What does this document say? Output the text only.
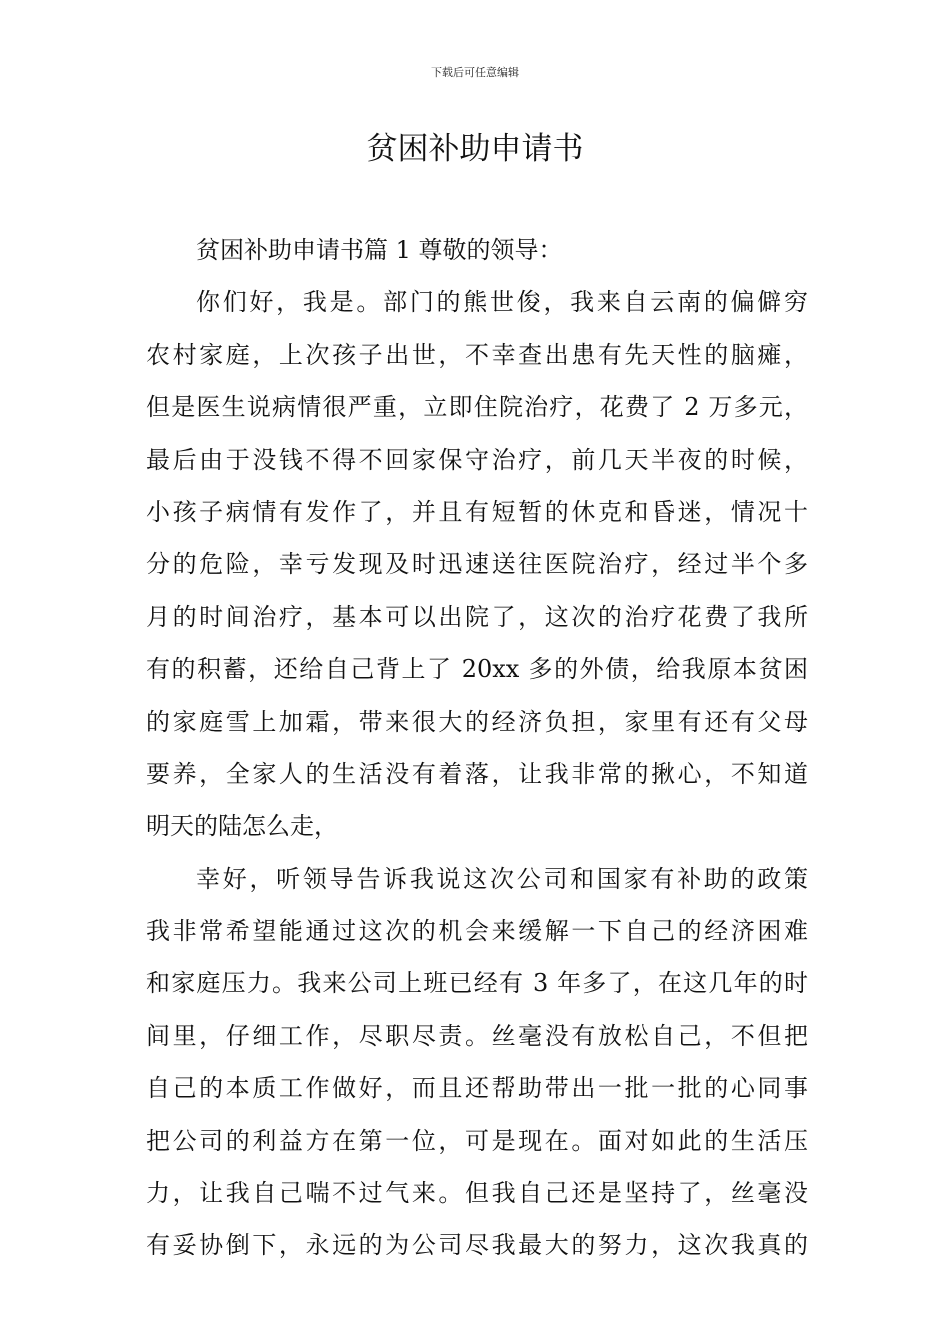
下载后可任意编辑
贫困补助申请书
贫困补助申请书篇 1 尊敬的领导：
你们好，我是。部门的熊世俊，我来自云南的偏僻穷
农村家庭，上次孩子出世，不幸查出患有先天性的脑瘫，
但是医生说病情很严重，立即住院治疗，花费了 2 万多元，
最后由于没钱不得不回家保守治疗，前几天半夜的时候，
小孩子病情有发作了，并且有短暂的休克和昏迷，情况十
分的危险，幸亏发现及时迅速送往医院治疗，经过半个多
月的时间治疗，基本可以出院了，这次的治疗花费了我所
有的积蓄，还给自己背上了 20xx 多的外债，给我原本贫困
的家庭雪上加霜，带来很大的经济负担，家里有还有父母
要养，全家人的生活没有着落，让我非常的揪心，不知道
明天的陆怎么走，
幸好，听领导告诉我说这次公司和国家有补助的政策
我非常希望能通过这次的机会来缓解一下自己的经济困难
和家庭压力。我来公司上班已经有 3 年多了，在这几年的时
间里，仔细工作，尽职尽责。丝毫没有放松自己，不但把
自己的本质工作做好，而且还帮助带出一批一批的心同事
把公司的利益方在第一位，可是现在。面对如此的生活压
力，让我自己喘不过气来。但我自己还是坚持了，丝毫没
有妥协倒下，永远的为公司尽我最大的努力，这次我真的
